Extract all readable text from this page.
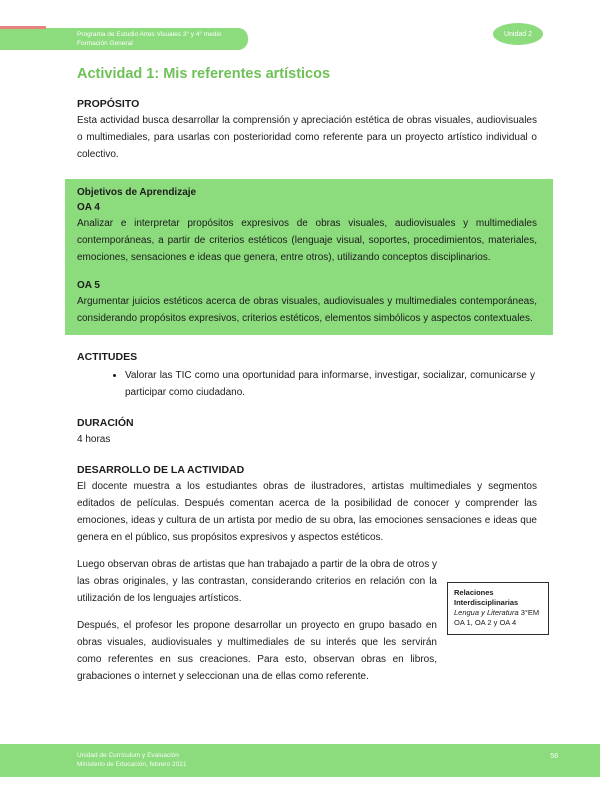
Programa de Estudio Artes Visuales 3° y 4° medio
Formación General
Unidad 2
Actividad 1: Mis referentes artísticos
PROPÓSITO

Esta actividad busca desarrollar la comprensión y apreciación estética de obras visuales, audiovisuales o multimediales, para usarlas con posterioridad como referente para un proyecto artístico individual o colectivo.

Objetivos de Aprendizaje
OA 4

Analizar e interpretar propósitos expresivos de obras visuales, audiovisuales y multimediales contemporáneas, a partir de criterios estéticos (lenguaje visual, soportes, procedimientos, materiales, emociones, sensaciones e ideas que genera, entre otros), utilizando conceptos disciplinarios.

OA 5

Argumentar juicios estéticos acerca de obras visuales, audiovisuales y multimediales contemporáneas, considerando propósitos expresivos, criterios estéticos, elementos simbólicos y aspectos contextuales.

ACTITUDES
• Valorar las TIC como una oportunidad para informarse, investigar, socializar, comunicarse y participar como ciudadano.
DURACIÓN

4 horas

DESARROLLO DE LA ACTIVIDAD

El docente muestra a los estudiantes obras de ilustradores, artistas multimediales y segmentos editados de películas. Después comentan acerca de la posibilidad de conocer y comprender las emociones, ideas y cultura de un artista por medio de su obra, las emociones sensaciones e ideas que genera en el público, sus propósitos expresivos y aspectos estéticos.

Relaciones Interdisciplinarias
Lengua y Literatura 3°EM
OA 1, OA 2 y OA 4

Luego observan obras de artistas que han trabajado a partir de la obra de otros y las obras originales, y las contrastan, considerando criterios en relación con la utilización de los lenguajes artísticos.

Después, el profesor les propone desarrollar un proyecto en grupo basado en obras visuales, audiovisuales y multimediales de su interés que les servirán como referentes en sus creaciones. Para esto, observan obras en libros, grabaciones o internet y seleccionan una de ellas como referente.

Unidad de Currículum y Evaluación
Ministerio de Educación, febrero 2021
58
